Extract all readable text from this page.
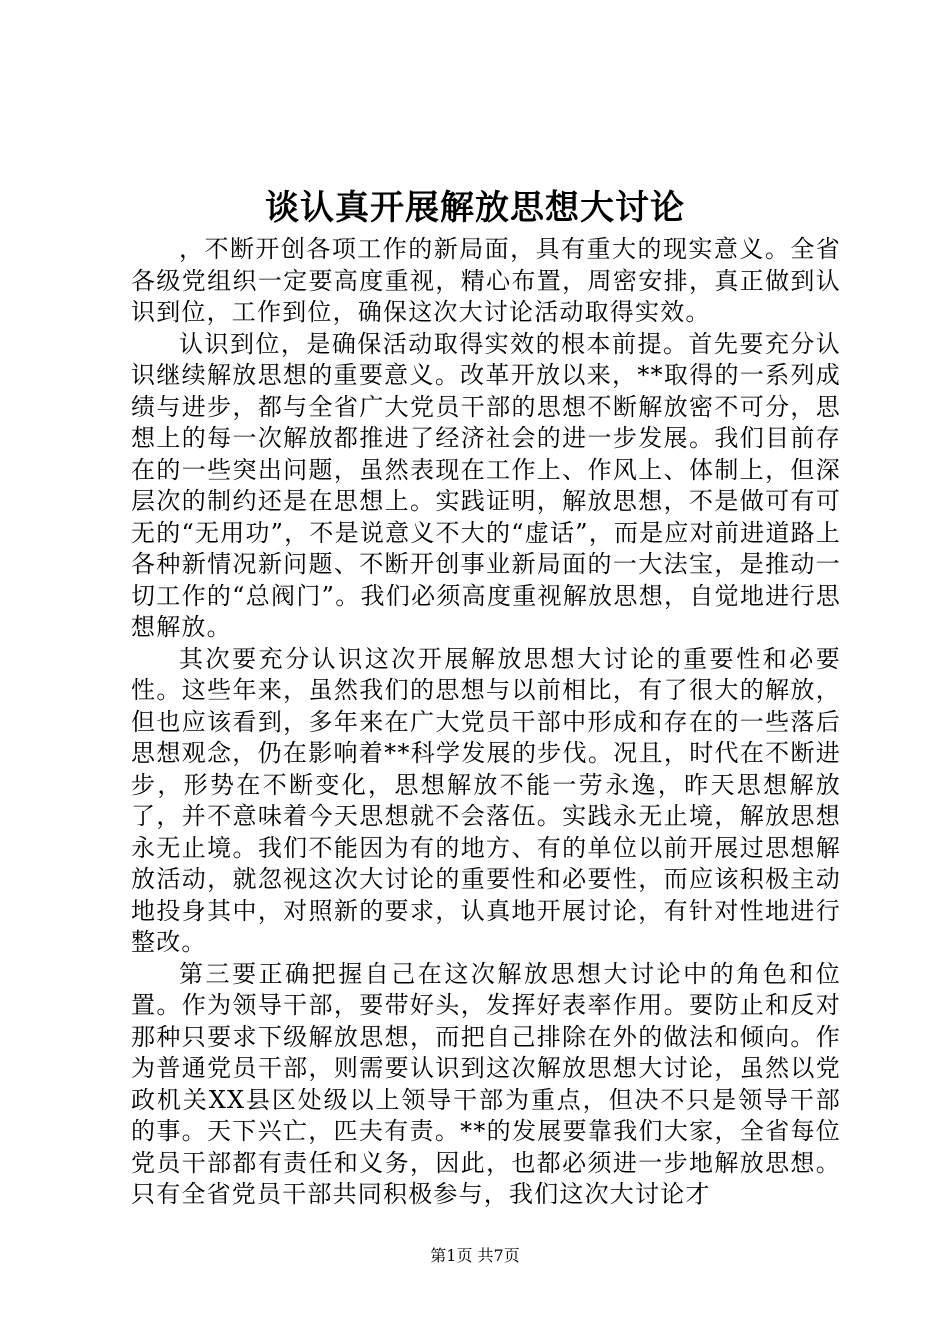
谈认真开展解放思想大讨论

，不断开创各项工作的新局面，具有重大的现实意义。全省各级党组织一定要高度重视，精心布置，周密安排，真正做到认识到位，工作到位，确保这次大讨论活动取得实效。

认识到位，是确保活动取得实效的根本前提。首先要充分认识继续解放思想的重要意义。改革开放以来，**取得的一系列成绩与进步，都与全省广大党员干部的思想不断解放密不可分，思想上的每一次解放都推进了经济社会的进一步发展。我们目前存在的一些突出问题，虽然表现在工作上、作风上、体制上，但深层次的制约还是在思想上。实践证明，解放思想，不是做可有可无的“无用功”，不是说意义不大的“虚话”，而是应对前进道路上各种新情况新问题、不断开创事业新局面的一大法宝，是推动一切工作的“总阀门”。我们必须高度重视解放思想，自觉地进行思想解放。

其次要充分认识这次开展解放思想大讨论的重要性和必要性。这些年来，虽然我们的思想与以前相比，有了很大的解放，但也应该看到，多年来在广大党员干部中形成和存在的一些落后思想观念，仍在影响着**科学发展的步伐。况且，时代在不断进步，形势在不断变化，思想解放不能一劳永逸，昨天思想解放了，并不意味着今天思想就不会落伍。实践永无止境，解放思想永无止境。我们不能因为有的地方、有的单位以前开展过思想解放活动，就忽视这次大讨论的重要性和必要性，而应该积极主动地投身其中，对照新的要求，认真地开展讨论，有针对性地进行整改。

第三要正确把握自己在这次解放思想大讨论中的角色和位置。作为领导干部，要带好头，发挥好表率作用。要防止和反对那种只要求下级解放思想，而把自己排除在外的做法和倾向。作为普通党员干部，则需要认识到这次解放思想大讨论，虽然以党政机关XX县区处级以上领导干部为重点，但决不只是领导干部的事。天下兴亡，匹夫有责。**的发展要靠我们大家，全省每位党员干部都有责任和义务，因此，也都必须进一步地解放思想。只有全省党员干部共同积极参与，我们这次大讨论才

第1页 共7页
